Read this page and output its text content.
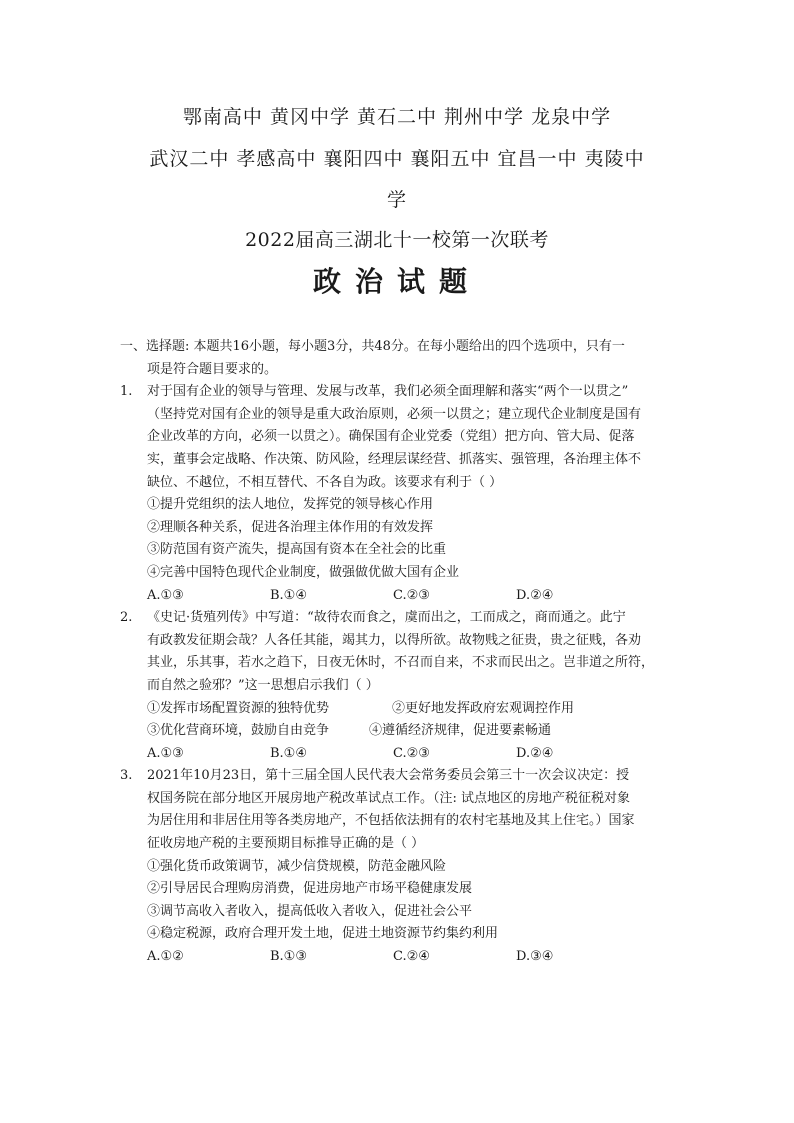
鄂南高中 黄冈中学 黄石二中 荆州中学 龙泉中学
武汉二中 孝感高中 襄阳四中 襄阳五中 宜昌一中 夷陵中
学
2022届高三湖北十一校第一次联考
政治试题
一、选择题: 本题共16小题，每小题3分，共48分。在每小题给出的四个选项中，只有一
项是符合题目要求的。
1. 对于国有企业的领导与管理、发展与改革，我们必须全面理解和落实“两个一以贯之”
（坚持党对国有企业的领导是重大政治原则，必须一以贯之；建立现代企业制度是国有
企业改革的方向，必须一以贯之）。确保国有企业党委（党组）把方向、管大局、促落
实，董事会定战略、作决策、防风险，经理层谋经营、抓落实、强管理，各治理主体不
缺位、不越位，不相互替代、不各自为政。该要求有利于（ ）
①提升党组织的法人地位，发挥党的领导核心作用
②理顺各种关系，促进各治理主体作用的有效发挥
③防范国有资产流失，提高国有资本在全社会的比重
④完善中国特色现代企业制度，做强做优做大国有企业
A.①③	B.①④	C.②③	D.②④
2. 《史记·货殖列传》中写道：“故待农而食之，虞而出之，工而成之，商而通之。此宁
有政教发征期会哉？人各任其能，竭其力，以得所欲。故物贱之征贵，贵之征贱，各劝
其业，乐其事，若水之趋下，日夜无休时，不召而自来，不求而民出之。岂非道之所符，
而自然之验邪？”这一思想启示我们（ ）
①发挥市场配置资源的独特优势	②更好地发挥政府宏观调控作用
③优化营商环境，鼓励自由竞争	④遵循经济规律，促进要素畅通
A.①③	B.①④	C.②③	D.②④
3. 2021年10月23日，第十三届全国人民代表大会常务委员会第三十一次会议决定：授
权国务院在部分地区开展房地产税改革试点工作。（注: 试点地区的房地产税征税对象
为居住用和非居住用等各类房地产，不包括依法拥有的农村宅基地及其上住宅。）国家
征收房地产税的主要预期目标推导正确的是（ ）
①强化货币政策调节，减少信贷规模，防范金融风险
②引导居民合理购房消费，促进房地产市场平稳健康发展
③调节高收入者收入，提高低收入者收入，促进社会公平
④稳定税源，政府合理开发土地，促进土地资源节约集约利用
A.①②	B.①③	C.②④	D.③④
